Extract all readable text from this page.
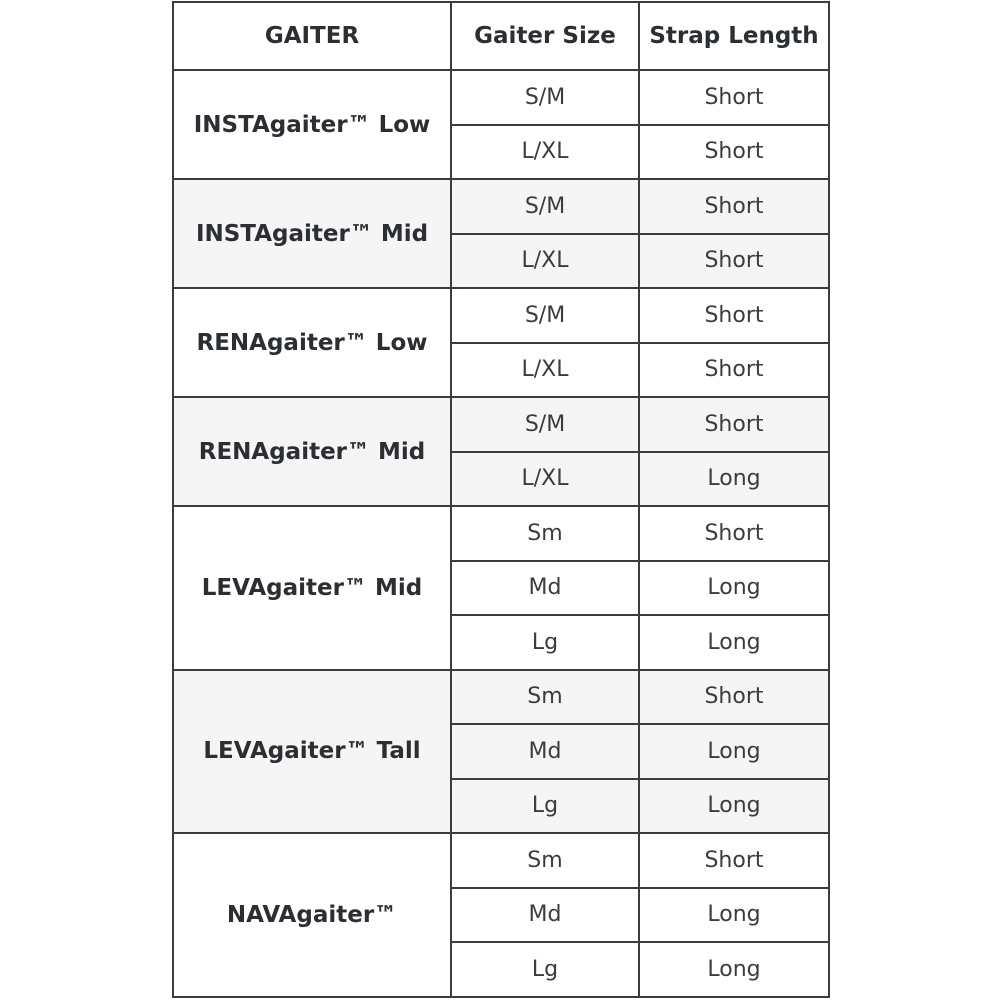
GAITER	Gaiter Size	Strap Length
INSTAgaiter™ Low	S/M	Short
	L/XL	Short
INSTAgaiter™ Mid	S/M	Short
	L/XL	Short
RENAgaiter™ Low	S/M	Short
	L/XL	Short
RENAgaiter™ Mid	S/M	Short
	L/XL	Long
LEVAgaiter™ Mid	Sm	Short
	Md	Long
	Lg	Long
LEVAgaiter™ Tall	Sm	Short
	Md	Long
	Lg	Long
NAVAgaiter™	Sm	Short
	Md	Long
	Lg	Long
